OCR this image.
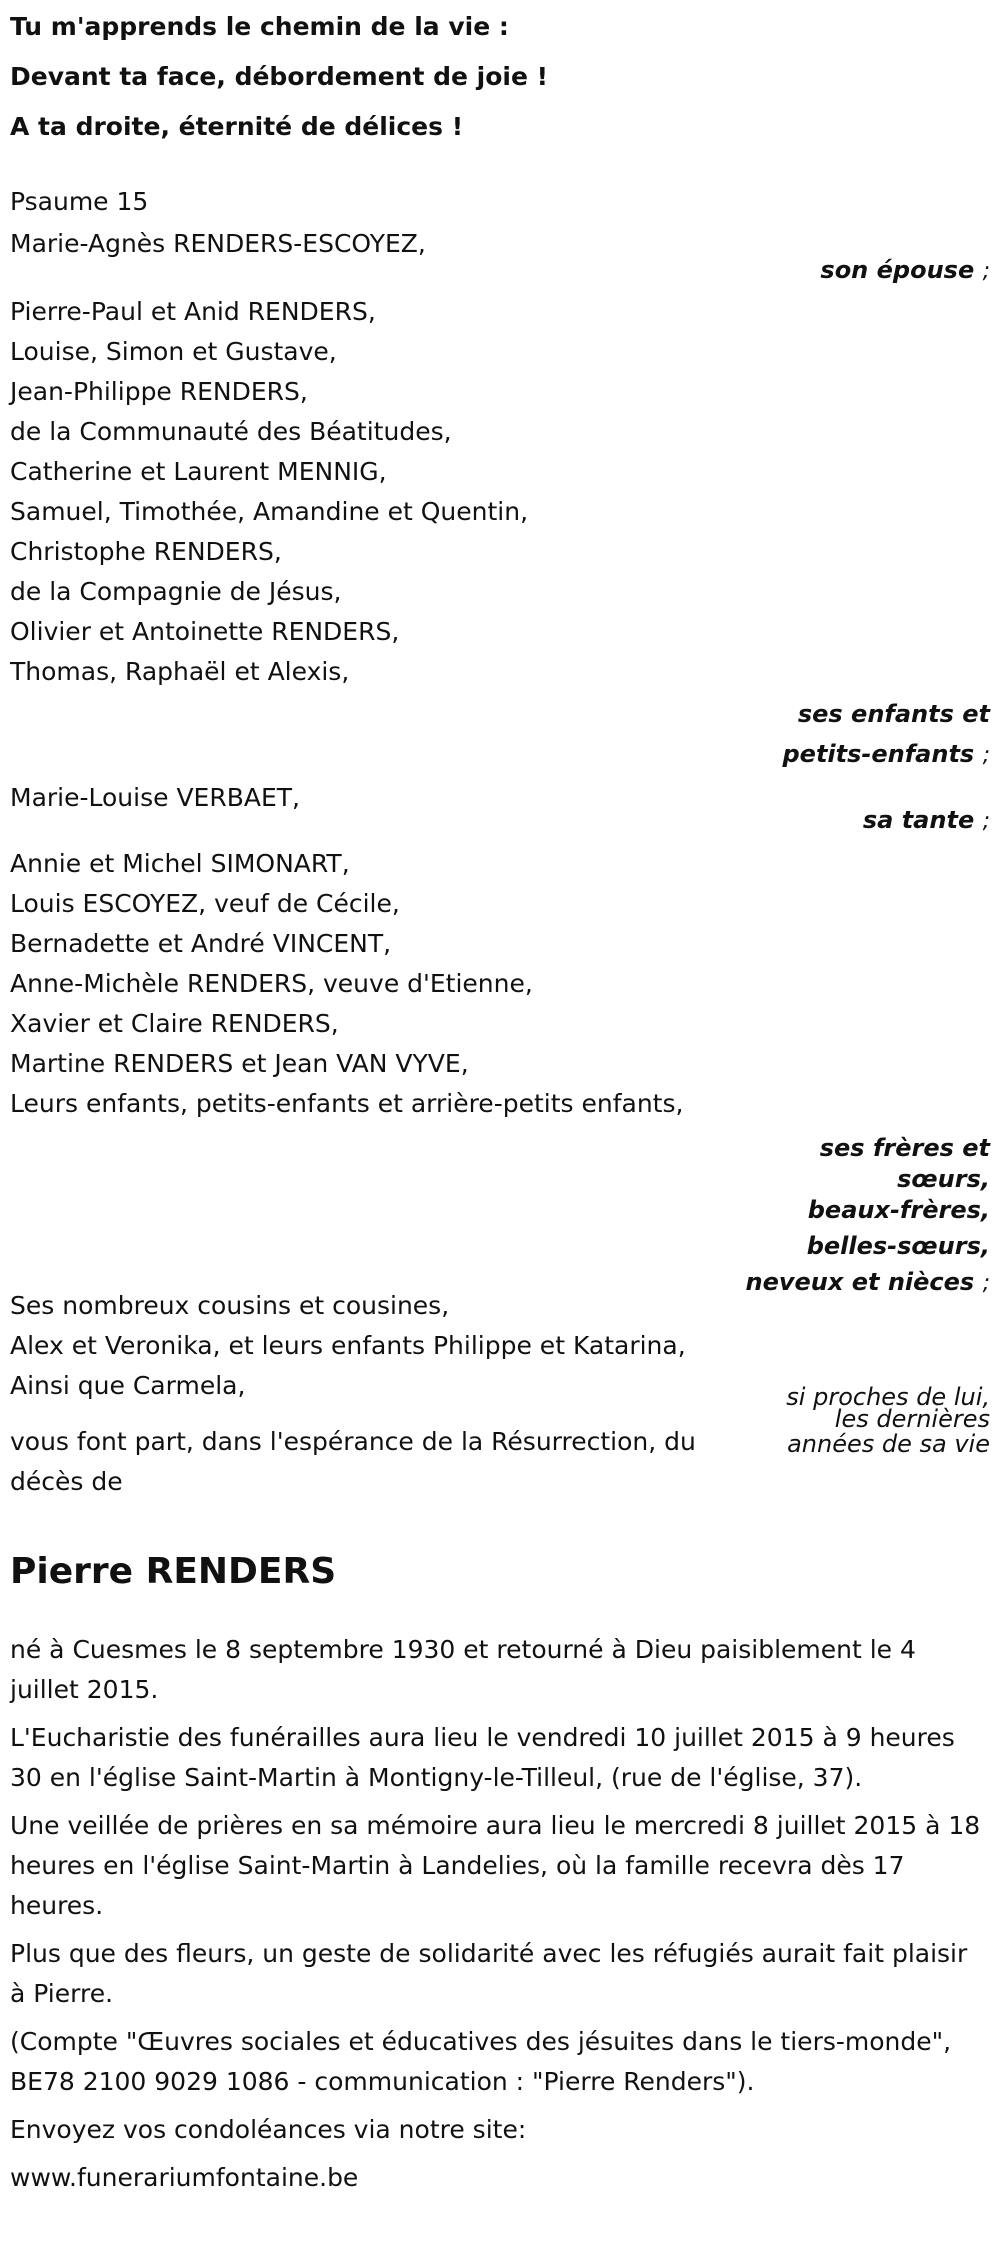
Tu m'apprends le chemin de la vie :

Devant ta face, débordement de joie !

A ta droite, éternité de délices !

Psaume 15

Marie-Agnès RENDERS-ESCOYEZ,
son épouse ;
Pierre-Paul et Anid RENDERS,
Louise, Simon et Gustave,
Jean-Philippe RENDERS,
de la Communauté des Béatitudes,
Catherine et Laurent MENNIG,
Samuel, Timothée, Amandine et Quentin,
Christophe RENDERS,
de la Compagnie de Jésus,
Olivier et Antoinette RENDERS,
Thomas, Raphaël et Alexis,
ses enfants et
petits-enfants ;
Marie-Louise VERBAET,
sa tante ;
Annie et Michel SIMONART,
Louis ESCOYEZ, veuf de Cécile,
Bernadette et André VINCENT,
Anne-Michèle RENDERS, veuve d'Etienne,
Xavier et Claire RENDERS,
Martine RENDERS et Jean VAN VYVE,
Leurs enfants, petits-enfants et arrière-petits enfants,
ses frères et
sœurs,
beaux-frères,
belles-sœurs,
neveux et nièces ;
Ses nombreux cousins et cousines,
Alex et Veronika, et leurs enfants Philippe et Katarina,
Ainsi que Carmela,	si proches de lui,
les dernières

vous font part, dans l'espérance de la Résurrection, du décès de

années de sa vie
Pierre RENDERS

né à Cuesmes le 8 septembre 1930 et retourné à Dieu paisiblement le 4 juillet 2015.

L'Eucharistie des funérailles aura lieu le vendredi 10 juillet 2015 à 9 heures 30 en l'église Saint-Martin à Montigny-le-Tilleul, (rue de l'église, 37).

Une veillée de prières en sa mémoire aura lieu le mercredi 8 juillet 2015 à 18 heures en l'église Saint-Martin à Landelies, où la famille recevra dès 17 heures.

Plus que des fleurs, un geste de solidarité avec les réfugiés aurait fait plaisir à Pierre.

(Compte "Œuvres sociales et éducatives des jésuites dans le tiers-monde", BE78 2100 9029 1086 - communication : "Pierre Renders").

Envoyez vos condoléances via notre site:

www.funerariumfontaine.be
